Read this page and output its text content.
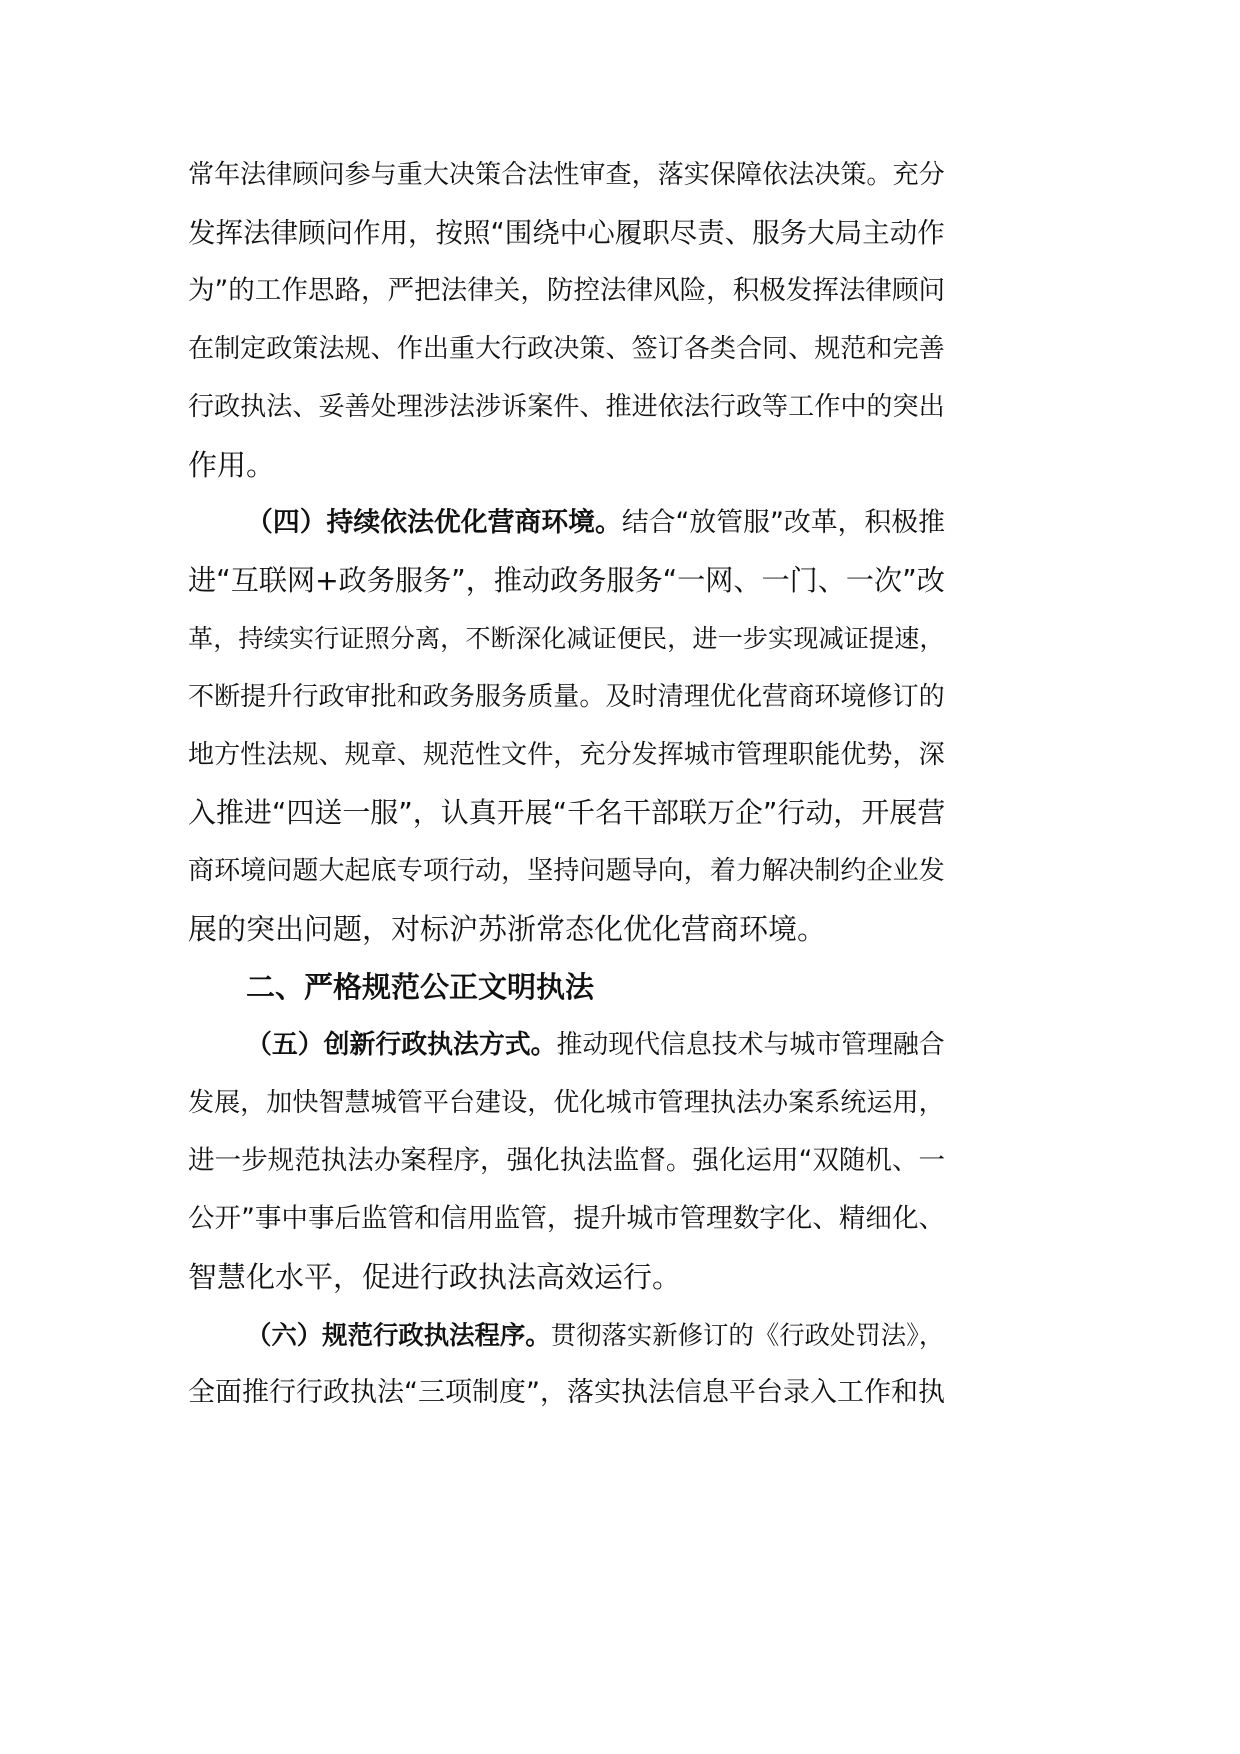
常年法律顾问参与重大决策合法性审查，落实保障依法决策。充分
发挥法律顾问作用，按照“围绕中心履职尽责、服务大局主动作
为”的工作思路，严把法律关，防控法律风险，积极发挥法律顾问
在制定政策法规、作出重大行政决策、签订各类合同、规范和完善
行政执法、妥善处理涉法涉诉案件、推进依法行政等工作中的突出
作用。
（四）持续依法优化营商环境。结合“放管服”改革，积极推
进“互联网+政务服务”，推动政务服务“一网、一门、一次”改
革，持续实行证照分离，不断深化减证便民，进一步实现减证提速，
不断提升行政审批和政务服务质量。及时清理优化营商环境修订的
地方性法规、规章、规范性文件，充分发挥城市管理职能优势，深
入推进“四送一服”，认真开展“千名干部联万企”行动，开展营
商环境问题大起底专项行动，坚持问题导向，着力解决制约企业发
展的突出问题，对标沪苏浙常态化优化营商环境。
二、严格规范公正文明执法
（五）创新行政执法方式。推动现代信息技术与城市管理融合
发展，加快智慧城管平台建设，优化城市管理执法办案系统运用，
进一步规范执法办案程序，强化执法监督。强化运用“双随机、一
公开”事中事后监管和信用监管，提升城市管理数字化、精细化、
智慧化水平，促进行政执法高效运行。
（六）规范行政执法程序。贯彻落实新修订的《行政处罚法》，
全面推行行政执法“三项制度”，落实执法信息平台录入工作和执
